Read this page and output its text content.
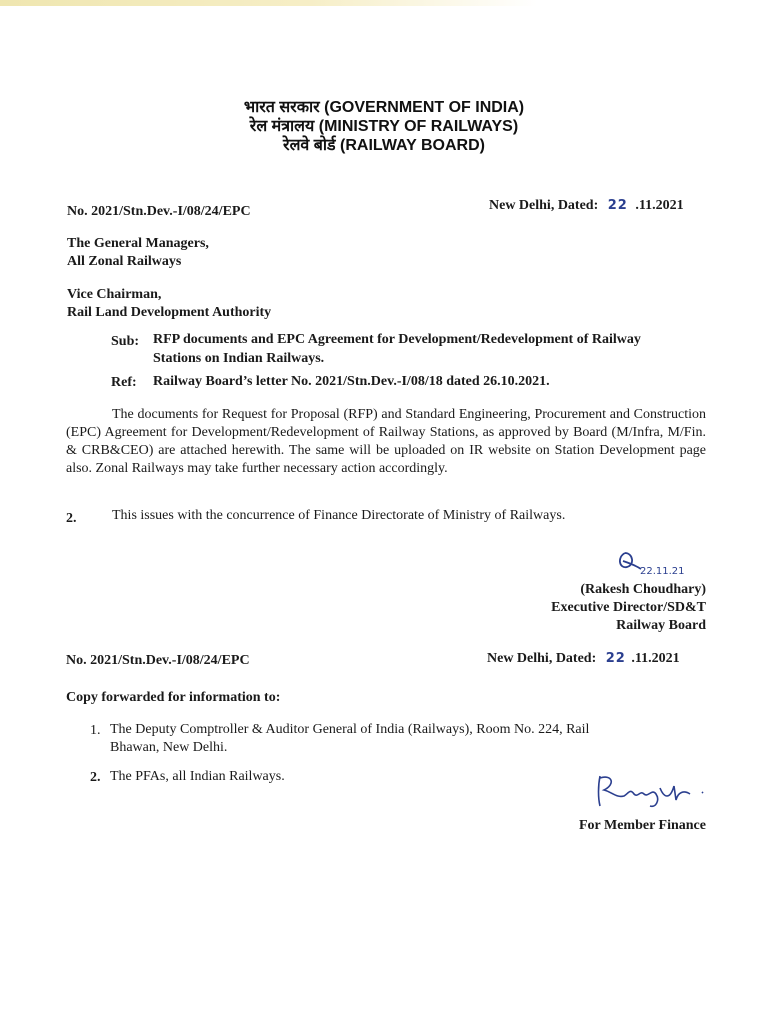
भारत सरकार (GOVERNMENT OF INDIA)
रेल मंत्रालय (MINISTRY OF RAILWAYS)
रेलवे बोर्ड (RAILWAY BOARD)
No. 2021/Stn.Dev.-I/08/24/EPC	New Delhi, Dated: 22 .11.2021
The General Managers,
All Zonal Railways
Vice Chairman,
Rail Land Development Authority
Sub: RFP documents and EPC Agreement for Development/Redevelopment of Railway
Stations on Indian Railways.
Ref: Railway Board’s letter No. 2021/Stn.Dev.-I/08/18 dated 26.10.2021.
The documents for Request for Proposal (RFP) and Standard Engineering, Procurement and Construction (EPC) Agreement for Development/Redevelopment of Railway Stations, as approved by Board (M/Infra, M/Fin. & CRB&CEO) are attached herewith. The same will be uploaded on IR website on Station Development page also. Zonal Railways may take further necessary action accordingly.
2.	This issues with the concurrence of Finance Directorate of Ministry of Railways.
22.11.21
(Rakesh Choudhary)
Executive Director/SD&T
Railway Board
No. 2021/Stn.Dev.-I/08/24/EPC	New Delhi, Dated: 22 .11.2021
Copy forwarded for information to:
1. The Deputy Comptroller & Auditor General of India (Railways), Room No. 224, Rail
Bhawan, New Delhi.
2. The PFAs, all Indian Railways.
For Member Finance
